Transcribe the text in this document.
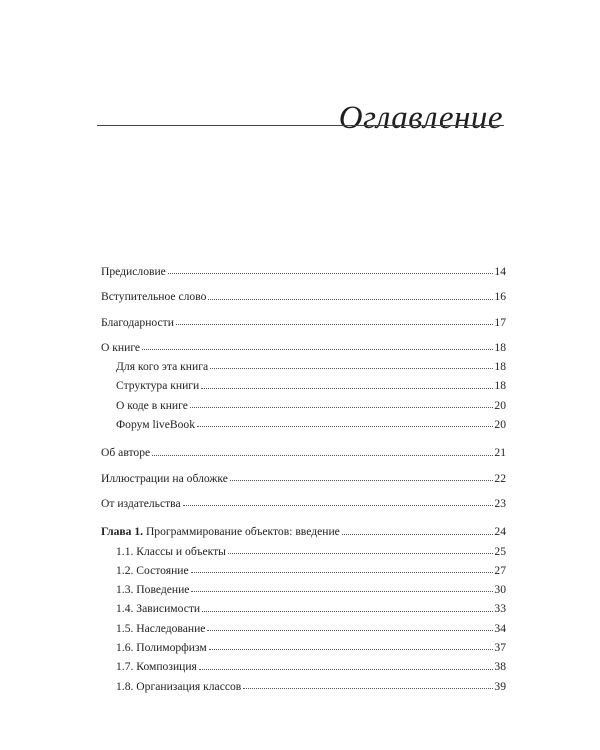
Оглавление
Предисловие	14
Вступительное слово	16
Благодарности	17
О книге	18
Для кого эта книга	18
Структура книги	18
О коде в книге	20
Форум liveBook	20
Об авторе	21
Иллюстрации на обложке	22
От издательства	23
Глава 1. Программирование объектов: введение	24
1.1. Классы и объекты	25
1.2. Состояние	27
1.3. Поведение	30
1.4. Зависимости	33
1.5. Наследование	34
1.6. Полиморфизм	37
1.7. Композиция	38
1.8. Организация классов	39
